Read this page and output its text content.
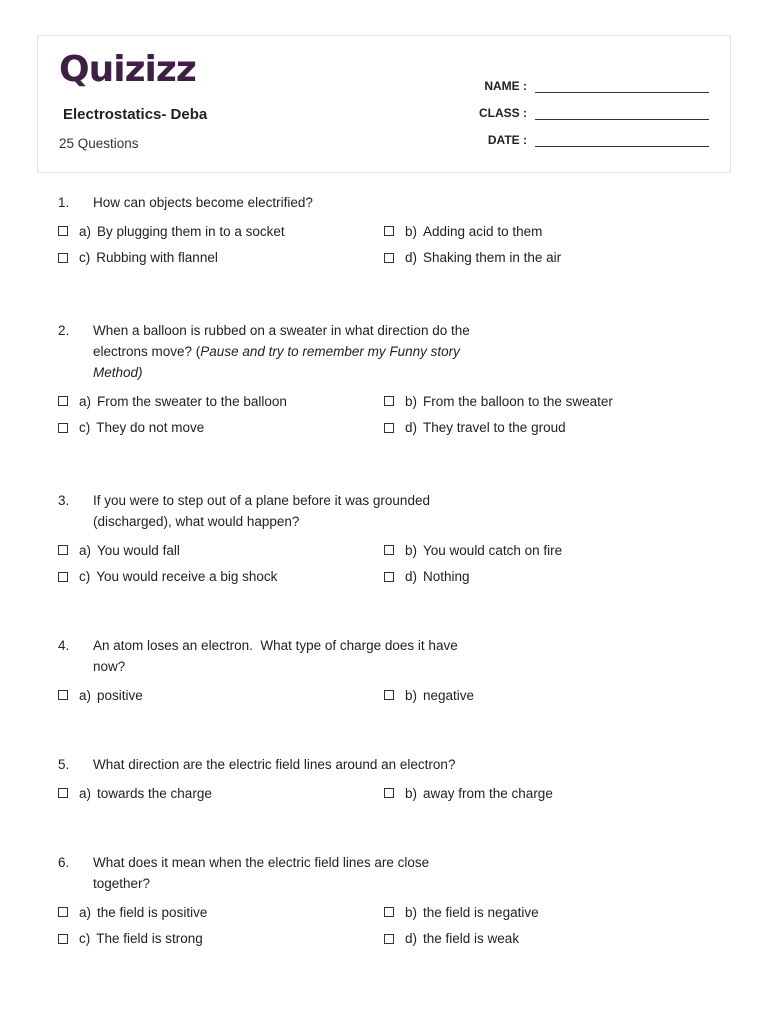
Quizizz
Electrostatics- Deba
25 Questions
NAME :
CLASS :
DATE :
1.	How can objects become electrified?
a) By plugging them in to a socket	b) Adding acid to them
c) Rubbing with flannel	d) Shaking them in the air
2.	When a balloon is rubbed on a sweater in what direction do the electrons move? (Pause and try to remember my Funny story Method)
a) From the sweater to the balloon	b) From the balloon to the sweater
c) They do not move	d) They travel to the groud
3.	If you were to step out of a plane before it was grounded (discharged), what would happen?
a) You would fall	b) You would catch on fire
c) You would receive a big shock	d) Nothing
4.	An atom loses an electron.  What type of charge does it have now?
a) positive	b) negative
5.	What direction are the electric field lines around an electron?
a) towards the charge	b) away from the charge
6.	What does it mean when the electric field lines are close together?
a) the field is positive	b) the field is negative
c) The field is strong	d) the field is weak
